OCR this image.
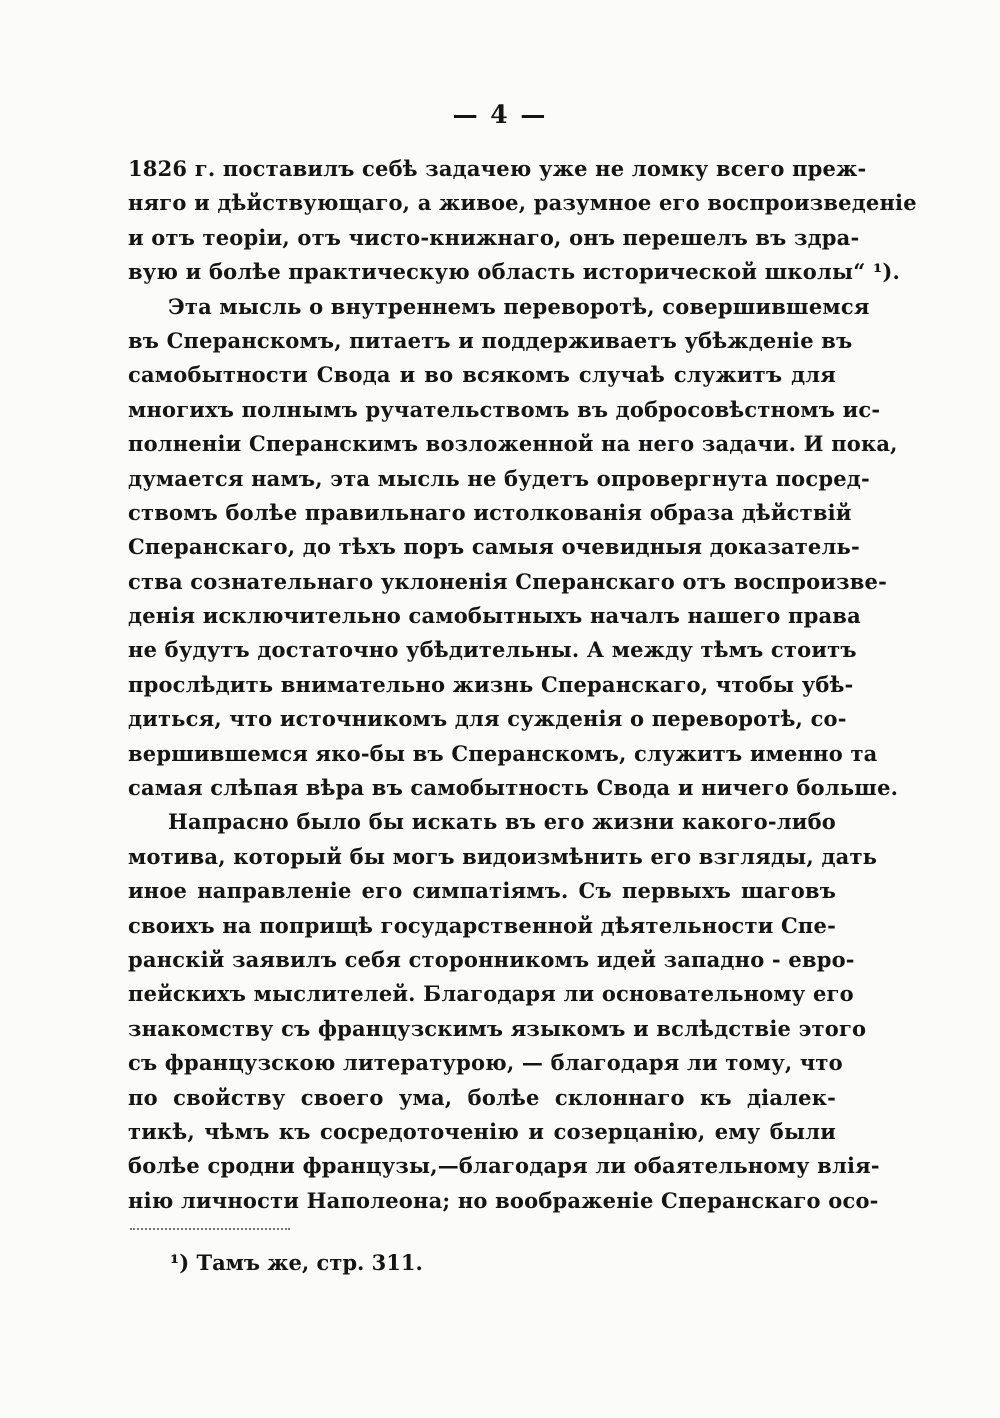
— 4 —
1826 г. поставилъ себѣ задачею уже не ломку всего преж-
няго и дѣйствующаго, а живое, разумное его воспроизведеніе
и отъ теоріи, отъ чисто-книжнаго, онъ перешелъ въ здра-
вую и болѣе практическую область исторической школы“ ¹).
Эта мысль о внутреннемъ переворотѣ, совершившемся
въ Сперанскомъ, питаетъ и поддерживаетъ убѣжденіе въ
самобытности Свода и во всякомъ случаѣ служитъ для
многихъ полнымъ ручательствомъ въ добросовѣстномъ ис-
полненіи Сперанскимъ возложенной на него задачи. И пока,
думается намъ, эта мысль не будетъ опровергнута посред-
ствомъ болѣе правильнаго истолкованія образа дѣйствій
Сперанскаго, до тѣхъ поръ самыя очевидныя доказатель-
ства сознательнаго уклоненія Сперанскаго отъ воспроизве-
денія исключительно самобытныхъ началъ нашего права
не будутъ достаточно убѣдительны. А между тѣмъ стоитъ
прослѣдить внимательно жизнь Сперанскаго, чтобы убѣ-
диться, что источникомъ для сужденія о переворотѣ, со-
вершившемся яко-бы въ Сперанскомъ, служитъ именно та
самая слѣпая вѣра въ самобытность Свода и ничего больше.
Напрасно было бы искать въ его жизни какого-либо
мотива, который бы могъ видоизмѣнить его взгляды, дать
иное направленіе его симпатіямъ. Съ первыхъ шаговъ
своихъ на поприщѣ государственной дѣятельности Спе-
ранскій заявилъ себя сторонникомъ идей западно - евро-
пейскихъ мыслителей. Благодаря ли основательному его
знакомству съ французскимъ языкомъ и вслѣдствіе этого
съ французскою литературою, — благодаря ли тому, что
по свойству своего ума, болѣе склоннаго къ діалек-
тикѣ, чѣмъ къ сосредоточенію и созерцанію, ему были
болѣе сродни французы,—благодаря ли обаятельному влія-
нію личности Наполеона; но воображеніе Сперанскаго осо-
¹) Тамъ же, стр. 311.
